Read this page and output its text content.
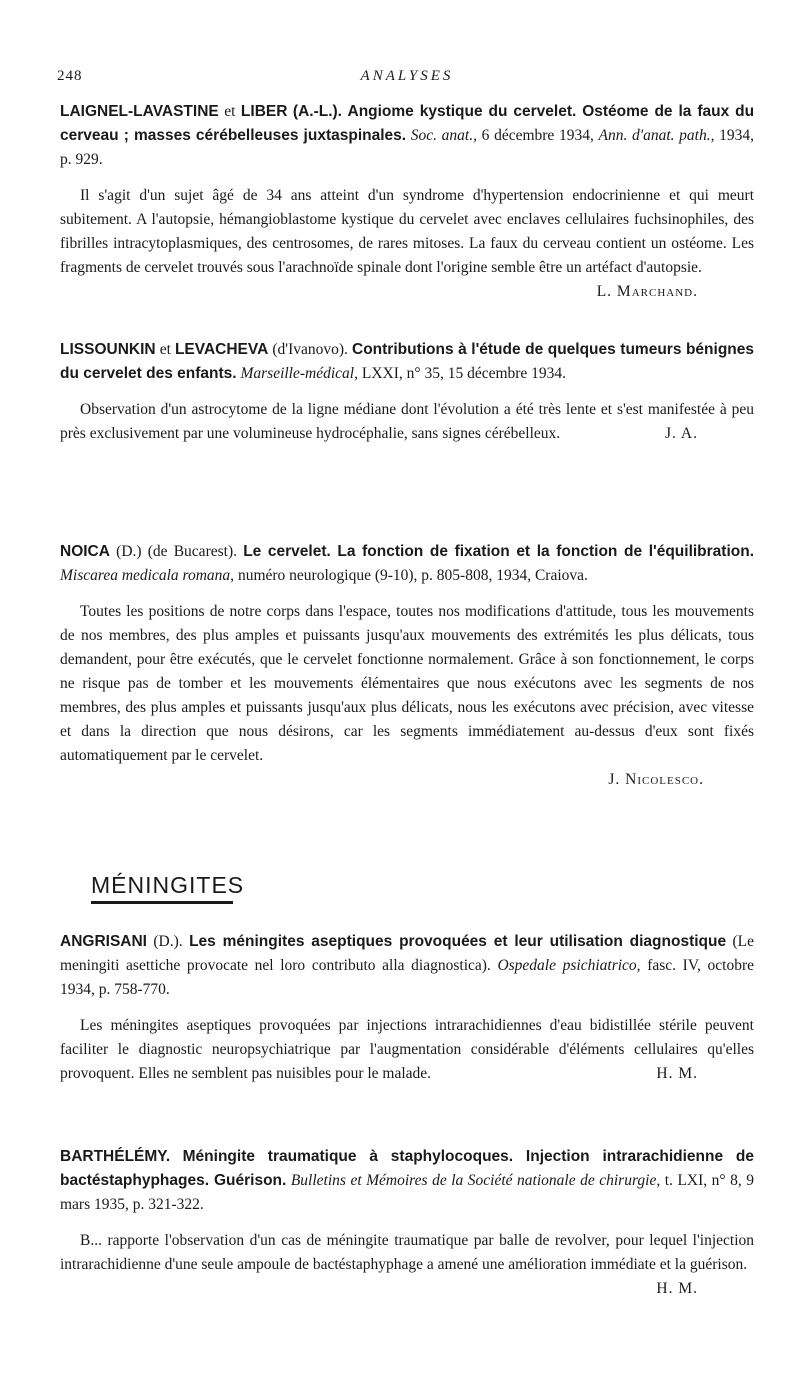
248	ANALYSES

LAIGNEL-LAVASTINE et LIBER (A.-L.). Angiome kystique du cervelet. Ostéome de la faux du cerveau ; masses cérébelleuses juxtaspinales. Soc. anat., 6 décembre 1934, Ann. d'anat. path., 1934, p. 929.

Il s'agit d'un sujet âgé de 34 ans atteint d'un syndrome d'hypertension endocrinienne et qui meurt subitement. A l'autopsie, hémangioblastome kystique du cervelet avec enclaves cellulaires fuchsinophiles, des fibrilles intracytoplasmiques, des centrosomes, de rares mitoses. La faux du cerveau contient un ostéome. Les fragments de cervelet trouvés sous l'arachnoïde spinale dont l'origine semble être un artéfact d'autopsie.
L. Marchand.

LISSOUNKIN et LEVACHEVA (d'Ivanovo). Contributions à l'étude de quelques tumeurs bénignes du cervelet des enfants. Marseille-médical, LXXI, n° 35, 15 décembre 1934.

Observation d'un astrocytome de la ligne médiane dont l'évolution a été très lente et s'est manifestée à peu près exclusivement par une volumineuse hydrocéphalie, sans signes cérébelleux.	J. A.

NOICA (D.) (de Bucarest). Le cervelet. La fonction de fixation et la fonction de l'équilibration. Miscarea medicala romana, numéro neurologique (9-10), p. 805-808, 1934, Craiova.

Toutes les positions de notre corps dans l'espace, toutes nos modifications d'attitude, tous les mouvements de nos membres, des plus amples et puissants jusqu'aux mouvements des extrémités les plus délicats, tous demandent, pour être exécutés, que le cervelet fonctionne normalement. Grâce à son fonctionnement, le corps ne risque pas de tomber et les mouvements élémentaires que nous exécutons avec les segments de nos membres, des plus amples et puissants jusqu'aux plus délicats, nous les exécutons avec précision, avec vitesse et dans la direction que nous désirons, car les segments immédiatement au-dessus d'eux sont fixés automatiquement par le cervelet.

J. Nicolesco.

MÉNINGITES

ANGRISANI (D.). Les méningites aseptiques provoquées et leur utilisation diagnostique (Le meningiti asettiche provocate nel loro contributo alla diagnostica). Ospedale psichiatrico, fasc. IV, octobre 1934, p. 758-770.

Les méningites aseptiques provoquées par injections intrarachidiennes d'eau bidistillée stérile peuvent faciliter le diagnostic neuropsychiatrique par l'augmentation considérable d'éléments cellulaires qu'elles provoquent. Elles ne semblent pas nuisibles pour le malade.	H. M.

BARTHÉLÉMY. Méningite traumatique à staphylocoques. Injection intrarachidienne de bactéstaphyphages. Guérison. Bulletins et Mémoires de la Société nationale de chirurgie, t. LXI, n° 8, 9 mars 1935, p. 321-322.

B... rapporte l'observation d'un cas de méningite traumatique par balle de revolver, pour lequel l'injection intrarachidienne d'une seule ampoule de bactéstaphyphage a amené une amélioration immédiate et la guérison.
H. M.
